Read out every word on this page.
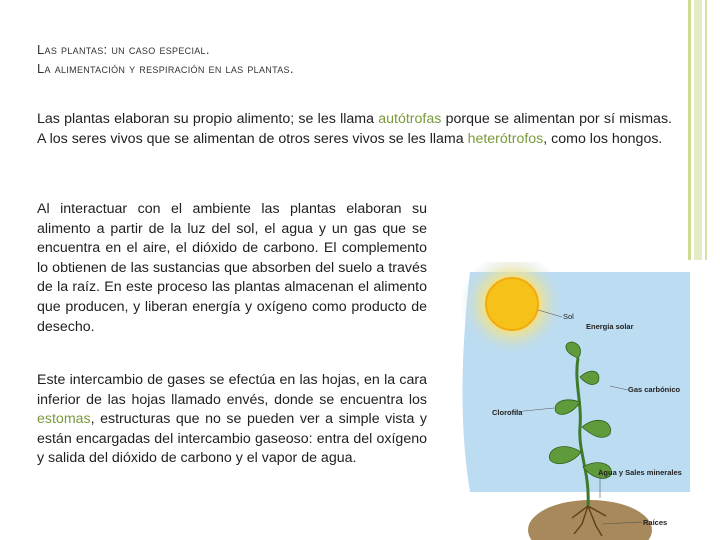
Las plantas: un caso especial.
La alimentación y respiración en las plantas.

Las plantas elaboran su propio alimento; se les llama autótrofas porque se alimentan por sí mismas. A los seres vivos que se alimentan de otros seres vivos se les llama heterótrofos, como los hongos.

Al interactuar con el ambiente las plantas elaboran su alimento a partir de la luz del sol, el agua y un gas que se encuentra en el aire, el dióxido de carbono. El complemento lo obtienen de las sustancias que absorben del suelo a través de la raíz. En este proceso las plantas almacenan el alimento que producen, y liberan energía y oxígeno como producto de desecho.

Este intercambio de gases se efectúa en las hojas, en la cara inferior de las hojas llamado envés, donde se encuentra los estomas, estructuras que no se pueden ver a simple vista y están encargadas del intercambio gaseoso: entra del oxígeno y salida del dióxido de carbono y el vapor de agua.

Sol
Energía solar
Gas carbónico
Clorofila
Agua y Sales minerales
Raíces
